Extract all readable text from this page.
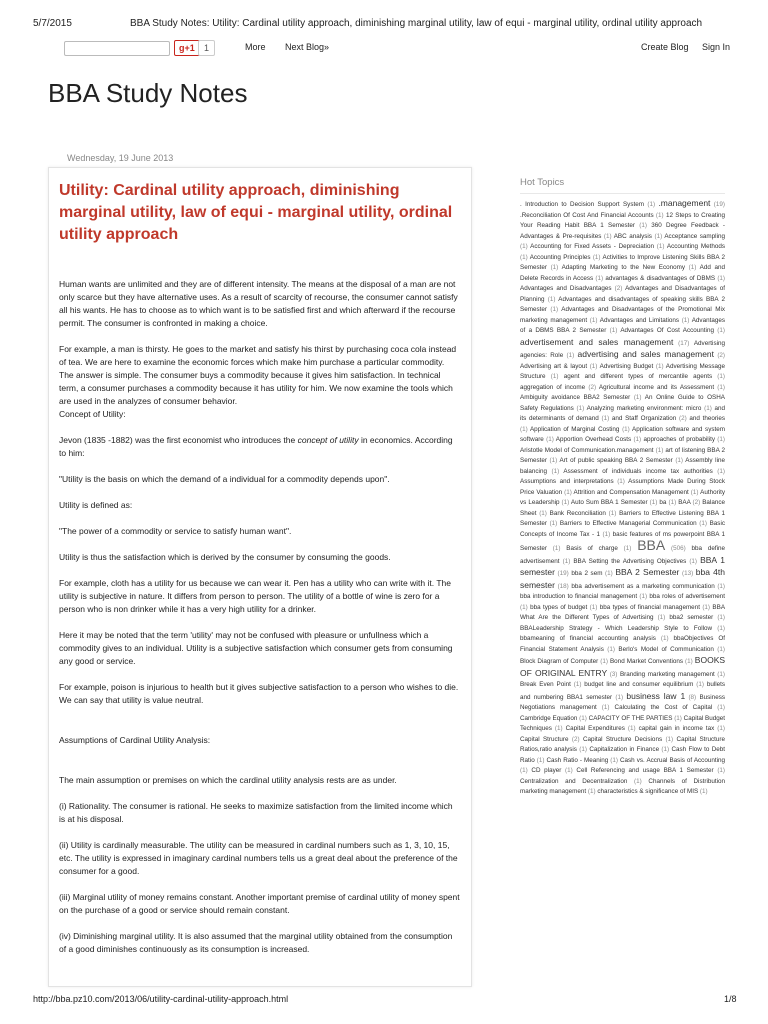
5/7/2015	BBA Study Notes: Utility: Cardinal utility approach, diminishing marginal utility, law of equi - marginal utility, ordinal utility approach
g+1	1	More Next Blog»	Create Blog Sign In
BBA Study Notes
Wednesday, 19 June 2013
Utility: Cardinal utility approach, diminishing marginal utility, law of equi - marginal utility, ordinal utility approach

Human wants are unlimited and they are of different intensity. The means at the disposal of a man are not only scarce but they have alternative uses. As a result of scarcity of recourse, the consumer cannot satisfy all his wants. He has to choose as to which want is to be satisfied first and which afterward if the recourse permit. The consumer is confronted in making a choice.

For example, a man is thirsty. He goes to the market and satisfy his thirst by purchasing coca cola instead of tea. We are here to examine the economic forces which make him purchase a particular commodity. The answer is simple. The consumer buys a commodity because it gives him satisfaction. In technical term, a consumer purchases a commodity because it has utility for him. We now examine the tools which are used in the analyzes of consumer behavior.

Concept of Utility:

Jevon (1835 -1882) was the first economist who introduces the concept of utility in economics. According to him:

"Utility is the basis on which the demand of a individual for a commodity depends upon".

Utility is defined as:

"The power of a commodity or service to satisfy human want".

Utility is thus the satisfaction which is derived by the consumer by consuming the goods.

For example, cloth has a utility for us because we can wear it. Pen has a utility who can write with it. The utility is subjective in nature. It differs from person to person. The utility of a bottle of wine is zero for a person who is non drinker while it has a very high utility for a drinker.

Here it may be noted that the term 'utility' may not be confused with pleasure or unfullness which a commodity gives to an individual. Utility is a subjective satisfaction which consumer gets from consuming any good or service.

For example, poison is injurious to health but it gives subjective satisfaction to a person who wishes to die. We can say that utility is value neutral.

Assumptions of Cardinal Utility Analysis:

The main assumption or premises on which the cardinal utility analysis rests are as under.

(i) Rationality. The consumer is rational. He seeks to maximize satisfaction from the limited income which is at his disposal.

(ii) Utility is cardinally measurable. The utility can be measured in cardinal numbers such as 1, 3, 10, 15, etc. The utility is expressed in imaginary cardinal numbers tells us a great deal about the preference of the consumer for a good.

(iii) Marginal utility of money remains constant. Another important premise of cardinal utility of money spent on the purchase of a good or service should remain constant.

(iv) Diminishing marginal utility. It is also assumed that the marginal utility obtained from the consumption of a good diminishes continuously as its consumption is increased.

Hot Topics
. Introduction to Decision Support System (1) .management (19) .Reconciliation Of Cost And Financial Accounts (1) 12 Steps to Creating Your Reading Habit BBA 1 Semester (1) 360 Degree Feedback - Advantages & Pre-requisites (1) ABC analysis (1) Acceptance sampling (1) Accounting for Fixed Assets - Depreciation (1) Accounting Methods (1) Accounting Principles (1) Activities to Improve Listening Skills BBA 2 Semester (1) Adapting Marketing to the New Economy (1) Add and Delete Records in Access (1) advantages & disadvantages of DBMS (1) Advantages and Disadvantages (2) Advantages and Disadvantages of Planning (1) Advantages and disadvantages of speaking skills BBA 2 Semester (1) Advantages and Disadvantages of the Promotional Mix marketing management (1) Advantages and Limitations (1) Advantages of a DBMS BBA 2 Semester (1) Advantages Of Cost Accounting (1) advertisement and sales management (17) Advertising agencies: Role (1) advertising and sales management (2) Advertising art & layout (1) Advertising Budget (1) Advertising Message Structure (1) agent and different types of mercantile agents (1) aggregation of income (2) Agricultural income and its Assessment (1) Ambiguity avoidance BBA2 Semester (1) An Online Guide to OSHA Safety Regulations (1) Analyzing marketing environment: micro (1) and its determinants of demand (1) and Staff Organization (2) and theories (1) Application of Marginal Costing (1) Application software and system software (1) Apportion Overhead Costs (1) approaches of probability (1) Aristotle Model of Communication.management (1) art of listening BBA 2 Semester (1) Art of public speaking BBA 2 Semester (1) Assembly line balancing (1) Assessment of individuals income tax authorities (1) Assumptions and interpretations (1) Assumptions Made During Stock Price Valuation (1) Attrition and Compensation Management (1) Authority vs Leadership (1) Auto Sum BBA 1 Semester (1) ba (1) BAA (2) Balance Sheet (1) Bank Reconciliation (1) Barriers to Effective Listening BBA 1 Semester (1) Barriers to Effective Managerial Communication (1) Basic Concepts of Income Tax - 1 (1) basic features of ms powerpoint BBA 1 Semester (1) Basis of charge (1) BBA (506) bba define advertisement (1) BBA Setting the Advertising Objectives (1) BBA 1 semester (19) bba 2 sem (1) BBA 2 Semester (13) bba 4th semester (18) bba advertisement as a marketing communication (1) bba introduction to financial management (1) bba roles of advertisement (1) bba types of budget (1) bba types of financial management (1) BBA What Are the Different Types of Advertising (1) bba2 semester (1) BBALeadership Strategy - Which Leadership Style to Follow (1) bbameaning of financial accounting analysis (1) bbaObjectives Of Financial Statement Analysis (1) Berlo's Model of Communication (1) Block Diagram of Computer (1) Bond Market Conventions (1) BOOKS OF ORIGINAL ENTRY (3) Branding marketing management (1) Break Even Point (1) budget line and consumer equilibrium (1) bullets and numbering BBA1 semester (1) business law 1 (8) Business Negotiations management (1) Calculating the Cost of Capital (1) Cambridge Equation (1) CAPACITY OF THE PARTIES (1) Capital Budget Techniques (1) Capital Expenditures (1) capital gain in income tax (1) Capital Structure (2) Capital Structure Decisions (1) Capital Structure Ratios,ratio analysis (1) Capitalization in Finance (1) Cash Flow to Debt Ratio (1) Cash Ratio - Meaning (1) Cash vs. Accrual Basis of Accounting (1) CD player (1) Cell Referencing and usage BBA 1 Semester (1) Centralization and Decentralization (1) Channels of Distribution marketing management (1) characteristics & significance of MIS (1)
http://bba.pz10.com/2013/06/utility-cardinal-utility-approach.html	1/8
